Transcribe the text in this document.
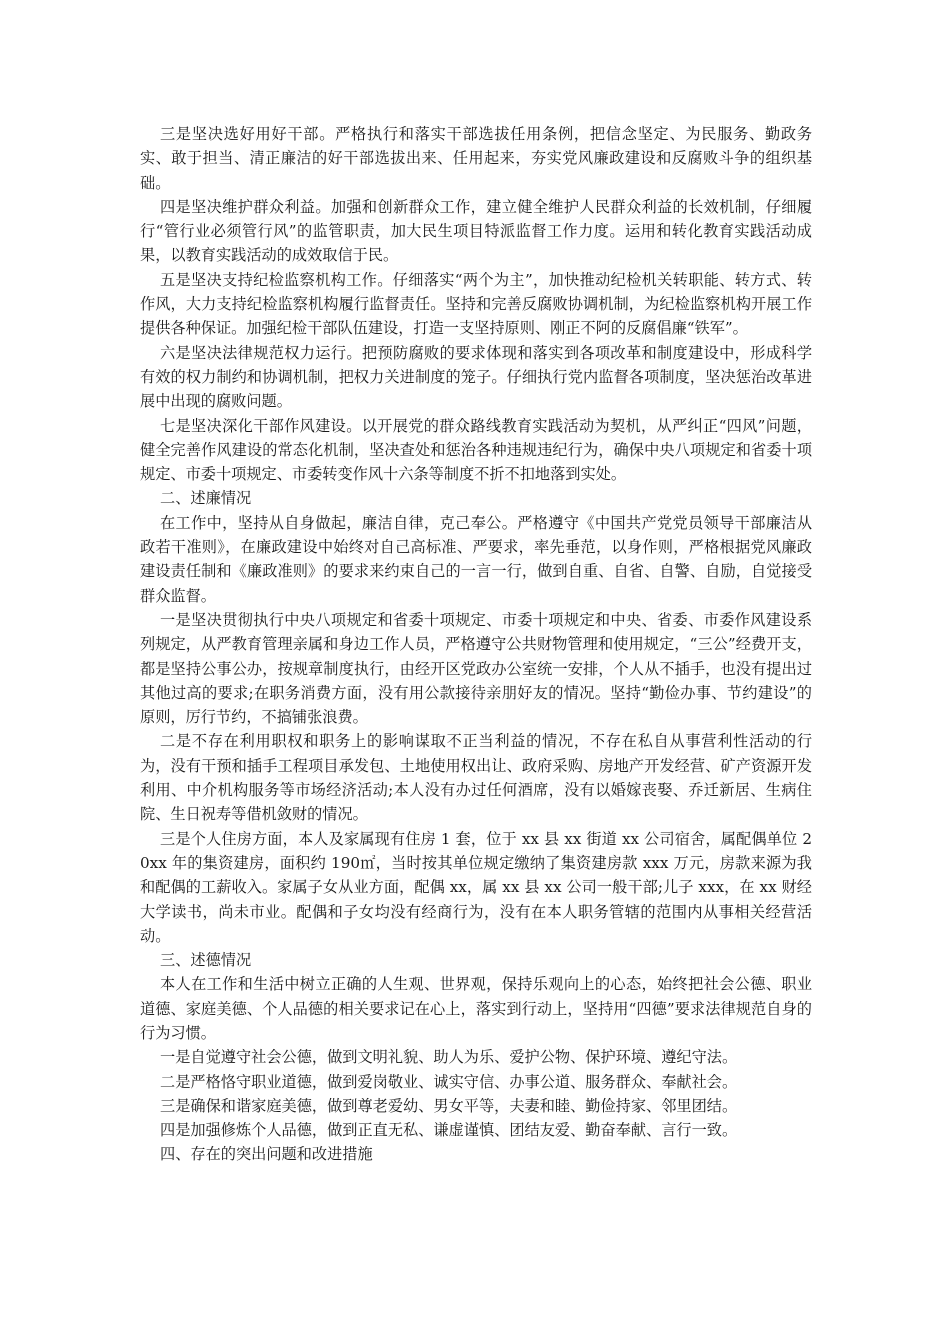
三是坚决选好用好干部。严格执行和落实干部选拔任用条例，把信念坚定、为民服务、勤政务实、敢于担当、清正廉洁的好干部选拔出来、任用起来，夯实党风廉政建设和反腐败斗争的组织基础。

四是坚决维护群众利益。加强和创新群众工作，建立健全维护人民群众利益的长效机制，仔细履行“管行业必须管行风”的监管职责，加大民生项目特派监督工作力度。运用和转化教育实践活动成果，以教育实践活动的成效取信于民。

五是坚决支持纪检监察机构工作。仔细落实“两个为主”，加快推动纪检机关转职能、转方式、转作风，大力支持纪检监察机构履行监督责任。坚持和完善反腐败协调机制，为纪检监察机构开展工作提供各种保证。加强纪检干部队伍建设，打造一支坚持原则、刚正不阿的反腐倡廉“铁军”。

六是坚决法律规范权力运行。把预防腐败的要求体现和落实到各项改革和制度建设中，形成科学有效的权力制约和协调机制，把权力关进制度的笼子。仔细执行党内监督各项制度，坚决惩治改革进展中出现的腐败问题。

七是坚决深化干部作风建设。以开展党的群众路线教育实践活动为契机，从严纠正“四风”问题，健全完善作风建设的常态化机制，坚决查处和惩治各种违规违纪行为，确保中央八项规定和省委十项规定、市委十项规定、市委转变作风十六条等制度不折不扣地落到实处。

二、述廉情况

在工作中，坚持从自身做起，廉洁自律，克己奉公。严格遵守《中国共产党党员领导干部廉洁从政若干准则》，在廉政建设中始终对自己高标准、严要求，率先垂范，以身作则，严格根据党风廉政建设责任制和《廉政准则》的要求来约束自己的一言一行，做到自重、自省、自警、自励，自觉接受群众监督。

一是坚决贯彻执行中央八项规定和省委十项规定、市委十项规定和中央、省委、市委作风建设系列规定，从严教育管理亲属和身边工作人员，严格遵守公共财物管理和使用规定，“三公”经费开支，都是坚持公事公办，按规章制度执行，由经开区党政办公室统一安排，个人从不插手，也没有提出过其他过高的要求;在职务消费方面，没有用公款接待亲朋好友的情况。坚持“勤俭办事、节约建设”的原则，厉行节约，不搞铺张浪费。

二是不存在利用职权和职务上的影响谋取不正当利益的情况，不存在私自从事营利性活动的行为，没有干预和插手工程项目承发包、土地使用权出让、政府采购、房地产开发经营、矿产资源开发利用、中介机构服务等市场经济活动;本人没有办过任何酒席，没有以婚嫁丧娶、乔迁新居、生病住院、生日祝寿等借机敛财的情况。

三是个人住房方面，本人及家属现有住房 1 套，位于 xx 县 xx 街道 xx 公司宿舍，属配偶单位 20xx 年的集资建房，面积约 190㎡，当时按其单位规定缴纳了集资建房款 xxx 万元，房款来源为我和配偶的工薪收入。家属子女从业方面，配偶 xx，属 xx 县 xx 公司一般干部;儿子 xxx，在 xx 财经大学读书，尚未市业。配偶和子女均没有经商行为，没有在本人职务管辖的范围内从事相关经营活动。

三、述德情况

本人在工作和生活中树立正确的人生观、世界观，保持乐观向上的心态，始终把社会公德、职业道德、家庭美德、个人品德的相关要求记在心上，落实到行动上，坚持用“四德”要求法律规范自身的行为习惯。

一是自觉遵守社会公德，做到文明礼貌、助人为乐、爱护公物、保护环境、遵纪守法。

二是严格恪守职业道德，做到爱岗敬业、诚实守信、办事公道、服务群众、奉献社会。

三是确保和谐家庭美德，做到尊老爱幼、男女平等，夫妻和睦、勤俭持家、邻里团结。

四是加强修炼个人品德，做到正直无私、谦虚谨慎、团结友爱、勤奋奉献、言行一致。

四、存在的突出问题和改进措施
